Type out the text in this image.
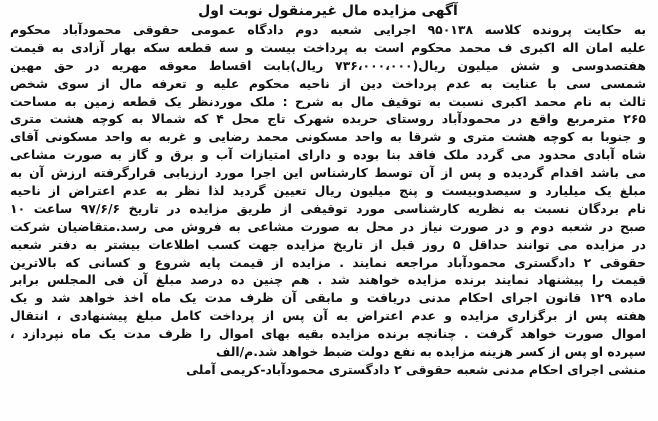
آگهی مزایده مال غیرمنقول نوبت اول
به حکایت پرونده کلاسه ۹۵۰۱۳۸ اجرایی شعبه دوم دادگاه عمومی حقوقی محمودآباد محکوم
علیه امان اله اکبری ف محمد محکوم است به پرداخت بیست و سه قطعه سکه بهار آزادی به قیمت
هفتصدوسی و شش میلیون ریال(۷۳۶،۰۰۰،۰۰۰ ریال)بابت اقساط معوقه مهریه در حق مهین
شمسی سی با عنایت به عدم پرداخت دین از ناحیه محکوم علیه و تعرفه مال از سوی شخص
ثالث به نام محمد اکبری نسبت به توقیف مال به شرح : ملک موردنظر یک قطعه زمین به مساحت
۲۶۵ مترمربع واقع در محمودآباد روستای حربده شهرک تاج محل ۴ که شمالا به کوچه هشت متری
و جنوبا به کوچه هشت متری و شرقا به واحد مسکونی محمد رضایی و غربه به واحد مسکونی آقای
شاه آبادی محدود می گردد ملک فاقد بنا بوده و دارای امتیازات آب و برق و گاز به صورت مشاعی
می باشد اقدام گردیده و پس از آن توسط کارشناس این اجرا مورد ارزیابی قرارگرفته ارزش آن به
مبلغ یک میلیارد و سیصدوبیست و پنج میلیون ریال تعیین گردید لذا نظر به عدم اعتراض از ناحیه
نام بردگان نسبت به نظریه کارشناسی مورد توقیفی از طریق مزایده در تاریخ ۹۷/۶/۶ ساعت ۱۰
صبح در شعبه دوم و در صورت نیاز در محل به صورت مشاعی به فروش می رسد.متقاضیان شرکت
در مزایده می توانند حداقل ۵ روز قبل از تاریخ مزایده جهت کسب اطلاعات بیشتر به دفتر شعبه
حقوقی ۲ دادگستری محمودآباد مراجعه نمایند . مزایده از قیمت پایه شروع و کسانی که بالاترین
قیمت را پیشنهاد نمایند برنده مزایده خواهند شد . هم چنین ده درصد مبلغ آن فی المجلس برابر
ماده ۱۲۹ قانون اجرای احکام مدنی دریافت و مابقی آن ظرف مدت یک ماه اخذ خواهد شد و یک
هفته پس از برگزاری مزایده و عدم اعتراض به آن پس از پرداخت کامل مبلغ پیشنهادی ، انتقال
اموال صورت خواهد گرفت . چنانچه برنده مزایده بقیه بهای اموال را ظرف مدت یک ماه نپردازد ،
سپرده او پس از کسر هزینه مزایده به نفع دولت ضبط خواهد شد.م/الف
منشی اجرای احکام مدنی شعبه حقوقی ۲ دادگستری محمودآباد-کریمی آملی
